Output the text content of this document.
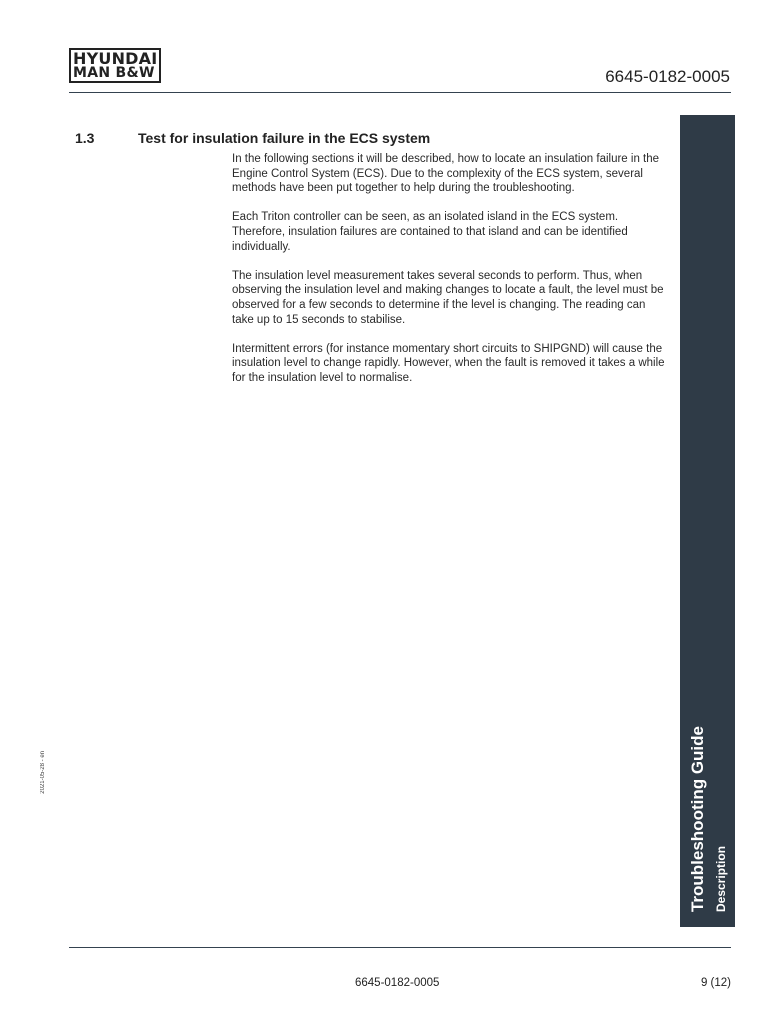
HYUNDAI
MAN B&W	6645-0182-0005
1.3	Test for insulation failure in the ECS system

In the following sections it will be described, how to locate an insulation failure in the Engine Control System (ECS). Due to the complexity of the ECS system, several methods have been put together to help during the troubleshooting.

Each Triton controller can be seen, as an isolated island in the ECS system. Therefore, insulation failures are contained to that island and can be identified individually.

The insulation level measurement takes several seconds to perform. Thus, when observing the insulation level and making changes to locate a fault, the level must be observed for a few seconds to determine if the level is changing. The reading can take up to 15 seconds to stabilise.

Intermittent errors (for instance momentary short circuits to SHIPGND) will cause the insulation level to change rapidly. However, when the fault is removed it takes a while for the insulation level to normalise.

Troubleshooting Guide Description
2021-05-28 - en
6645-0182-0005	9 (12)
